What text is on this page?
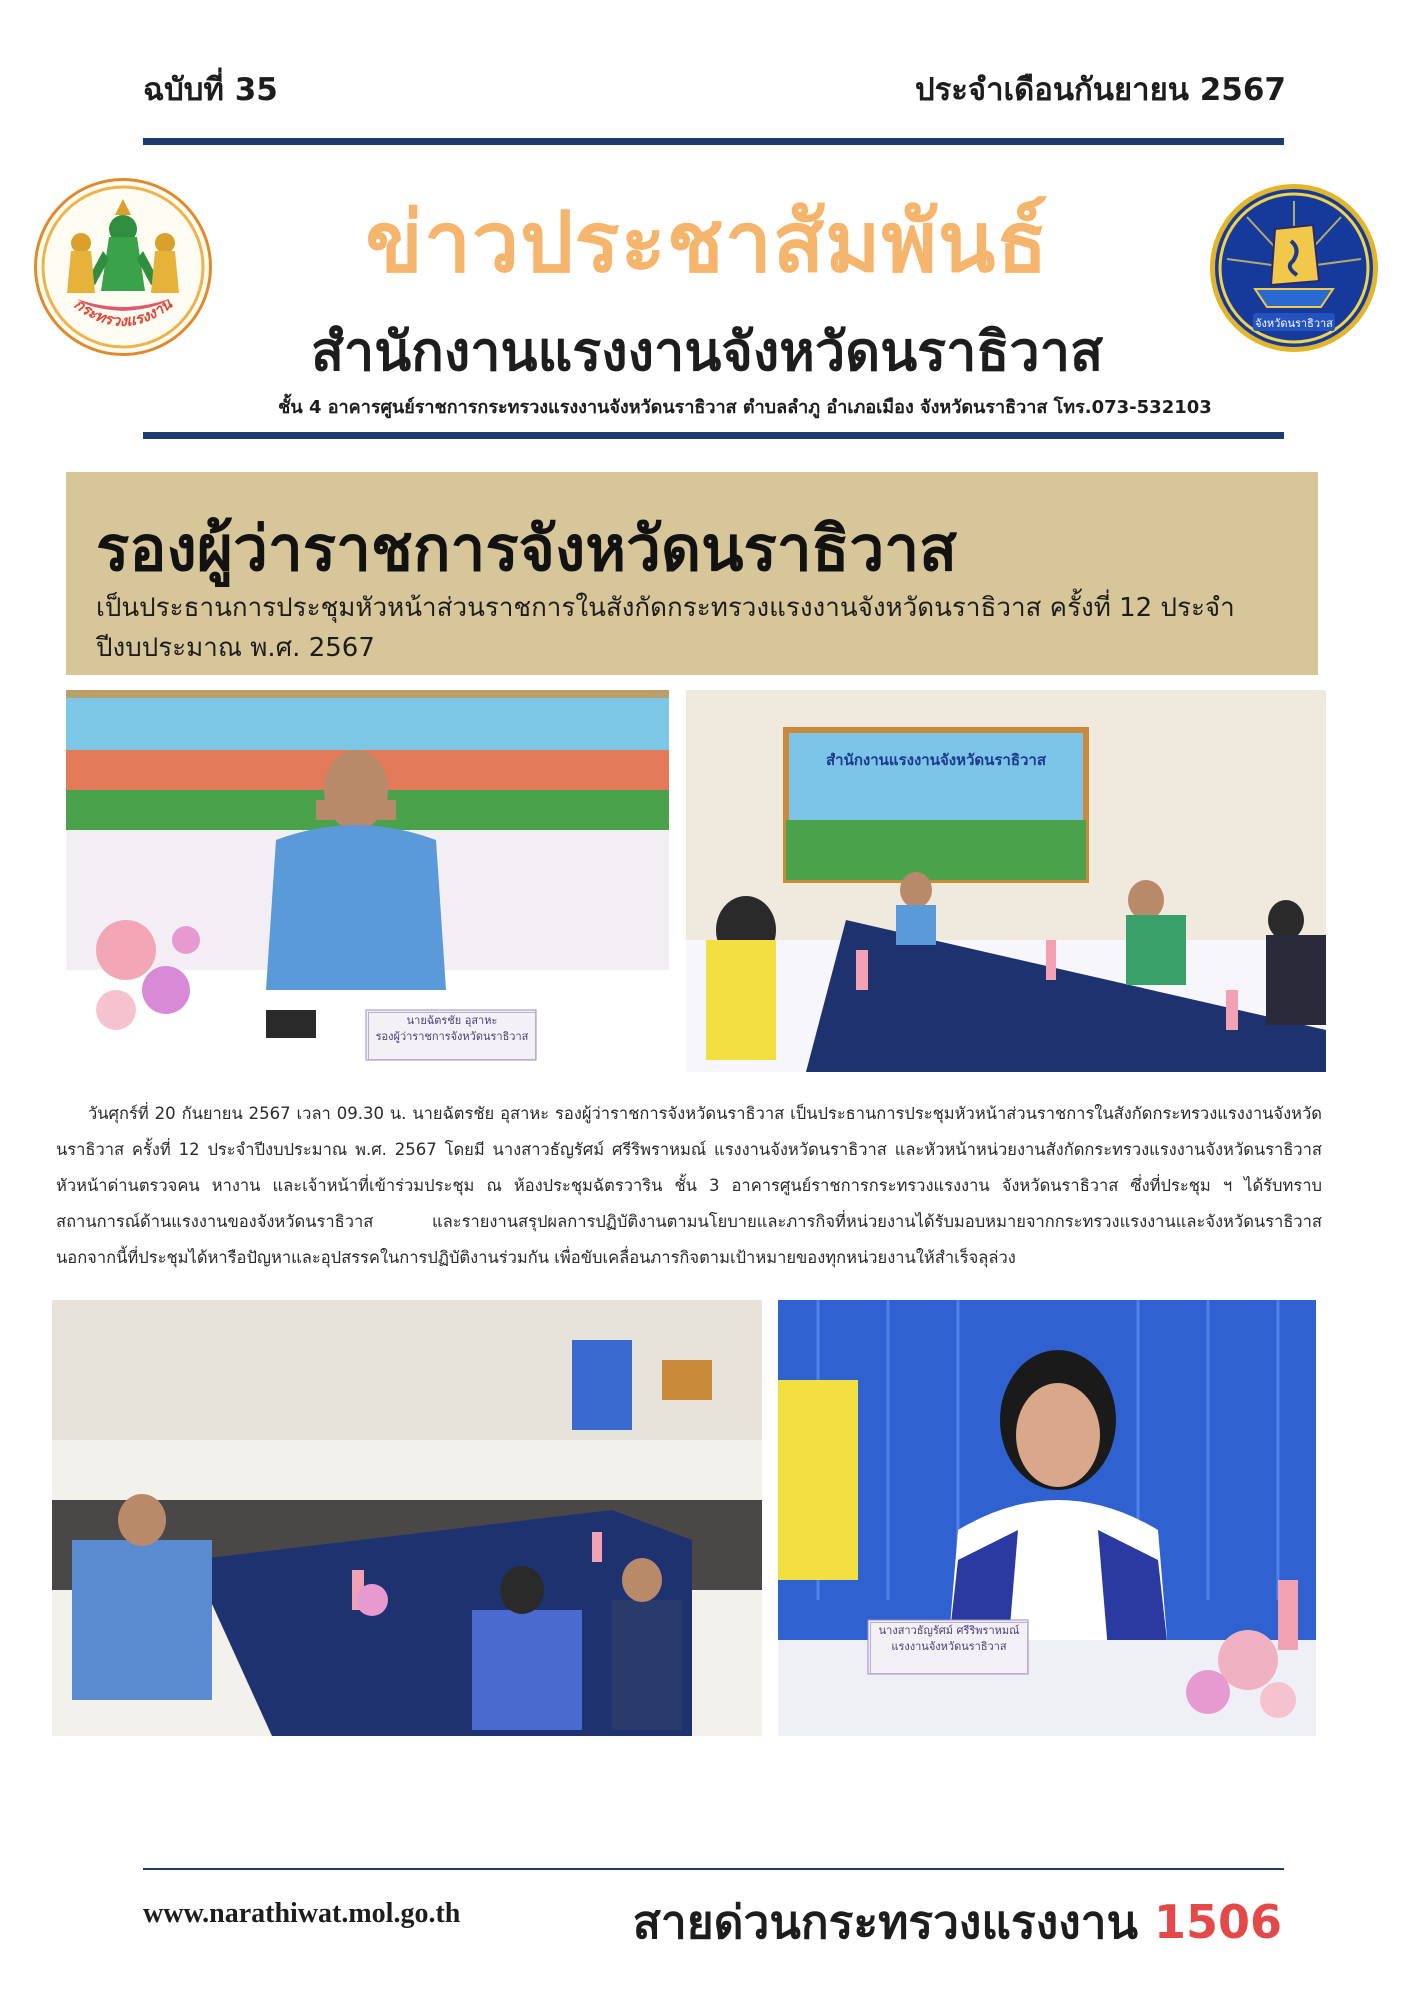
ฉบับที่ 35	ประจำเดือนกันยายน 2567
กระทรวงแรงงาน
จังหวัดนราธิวาส
ข่าวประชาสัมพันธ์
สำนักงานแรงงานจังหวัดนราธิวาส
ชั้น 4 อาคารศูนย์ราชการกระทรวงแรงงานจังหวัดนราธิวาส ตำบลลำภู อำเภอเมือง จังหวัดนราธิวาส โทร.073-532103
รองผู้ว่าราชการจังหวัดนราธิวาส
เป็นประธานการประชุมหัวหน้าส่วนราชการในสังกัดกระทรวงแรงงานจังหวัดนราธิวาส ครั้งที่ 12 ประจำปีงบประมาณ พ.ศ. 2567
นายฉัตรชัย อุสาหะ
รองผู้ว่าราชการจังหวัดนราธิวาส
สำนักงานแรงงานจังหวัดนราธิวาส
วันศุกร์ที่ 20 กันยายน 2567 เวลา 09.30 น. นายฉัตรชัย อุสาหะ รองผู้ว่าราชการจังหวัดนราธิวาส เป็นประธานการประชุมหัวหน้าส่วนราชการในสังกัดกระทรวงแรงงานจังหวัดนราธิวาส ครั้งที่ 12 ประจำปีงบประมาณ พ.ศ. 2567 โดยมี นางสาวธัญรัศม์ ศรีริพราหมณ์ แรงงานจังหวัดนราธิวาส และหัวหน้าหน่วยงานสังกัดกระทรวงแรงงานจังหวัดนราธิวาส หัวหน้าด่านตรวจคน หางาน และเจ้าหน้าที่เข้าร่วมประชุม ณ ห้องประชุมฉัตรวาริน ชั้น 3 อาคารศูนย์ราชการกระทรวงแรงงาน จังหวัดนราธิวาส ซึ่งที่ประชุม ฯ ได้รับทราบสถานการณ์ด้านแรงงานของจังหวัดนราธิวาส และรายงานสรุปผลการปฏิบัติงานตามนโยบายและภารกิจที่หน่วยงานได้รับมอบหมายจากกระทรวงแรงงานและจังหวัดนราธิวาส นอกจากนี้ที่ประชุมได้หารือปัญหาและอุปสรรคในการปฏิบัติงานร่วมกัน เพื่อขับเคลื่อนภารกิจตามเป้าหมายของทุกหน่วยงานให้สำเร็จลุล่วง
นางสาวธัญรัศม์ ศรีริพราหมณ์
แรงงานจังหวัดนราธิวาส
www.narathiwat.mol.go.th	สายด่วนกระทรวงแรงงาน 1506
